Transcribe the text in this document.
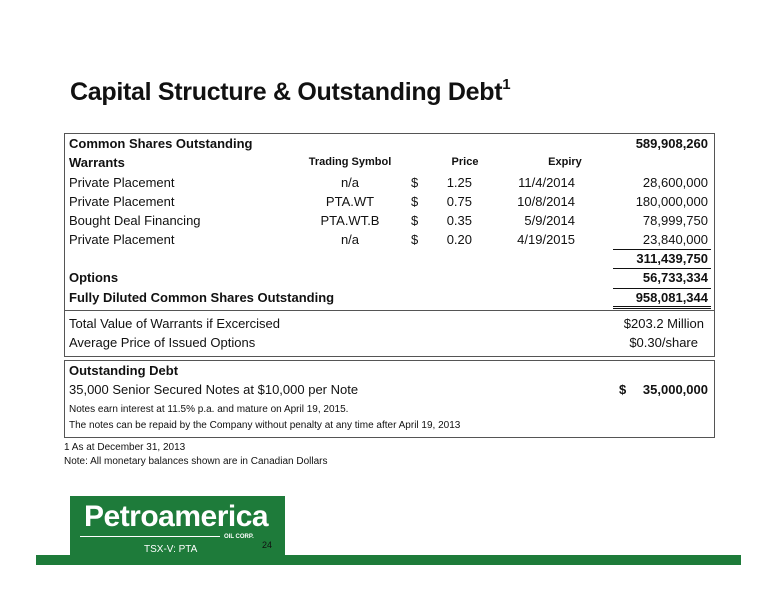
Capital Structure & Outstanding Debt$^1$
Common Shares Outstanding	589,908,260
Warrants	Trading Symbol	Price	Expiry
Private Placement	n/a	$	1.25	11/4/2014	28,600,000
Private Placement	PTA.WT	$	0.75	10/8/2014	180,000,000
Bought Deal Financing	PTA.WT.B	$	0.35	5/9/2014	78,999,750
Private Placement	n/a	$	0.20	4/19/2015	23,840,000
311,439,750
Options	56,733,334
Fully Diluted Common Shares Outstanding	958,081,344
Total Value of Warrants if Excercised	$203.2 Million
Average Price of Issued Options	$0.30/share
Outstanding Debt
35,000 Senior Secured Notes at $10,000 per Note	$ 35,000,000
Notes earn interest at 11.5% p.a. and mature on April 19, 2015.
The notes can be repaid by the Company without penalty at any time after April 19, 2013
1 As at December 31, 2013
Note: All monetary balances shown are in Canadian Dollars
Petroamerica
OIL CORP.
TSX-V: PTA	24
